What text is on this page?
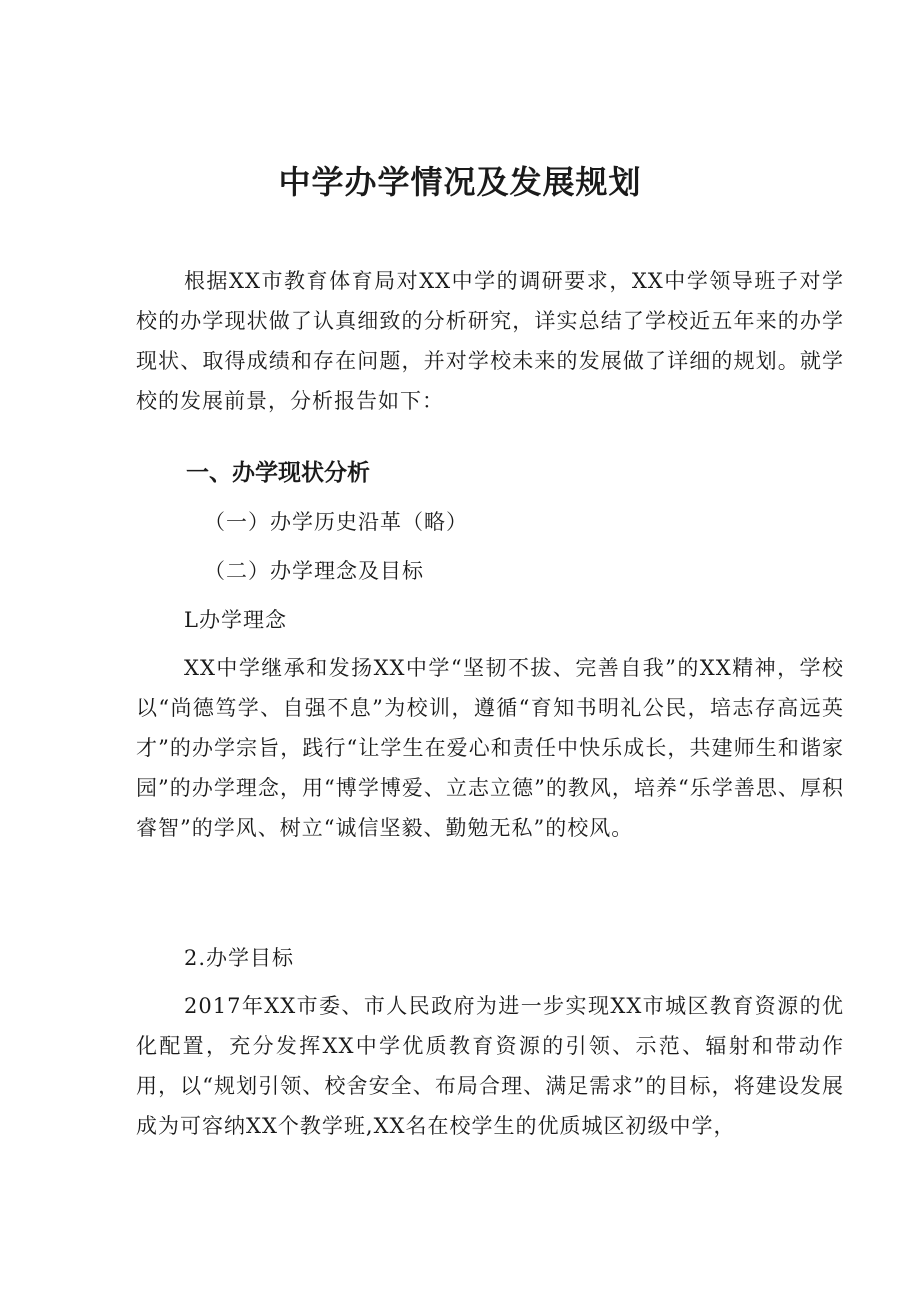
中学办学情况及发展规划

根据XX市教育体育局对XX中学的调研要求，XX中学领导班子对学校的办学现状做了认真细致的分析研究，详实总结了学校近五年来的办学现状、取得成绩和存在问题，并对学校未来的发展做了详细的规划。就学校的发展前景，分析报告如下：

一、办学现状分析

（一）办学历史沿革（略）

（二）办学理念及目标

L办学理念

XX中学继承和发扬XX中学“坚韧不拔、完善自我”的XX精神，学校以“尚德笃学、自强不息”为校训，遵循“育知书明礼公民，培志存高远英才”的办学宗旨，践行“让学生在爱心和责任中快乐成长，共建师生和谐家园”的办学理念，用“博学博爱、立志立德”的教风，培养“乐学善思、厚积睿智”的学风、树立“诚信坚毅、勤勉无私”的校风。

2.办学目标

2017年XX市委、市人民政府为进一步实现XX市城区教育资源的优化配置，充分发挥XX中学优质教育资源的引领、示范、辐射和带动作用，以“规划引领、校舍安全、布局合理、满足需求”的目标，将建设发展成为可容纳XX个教学班,XX名在校学生的优质城区初级中学，
